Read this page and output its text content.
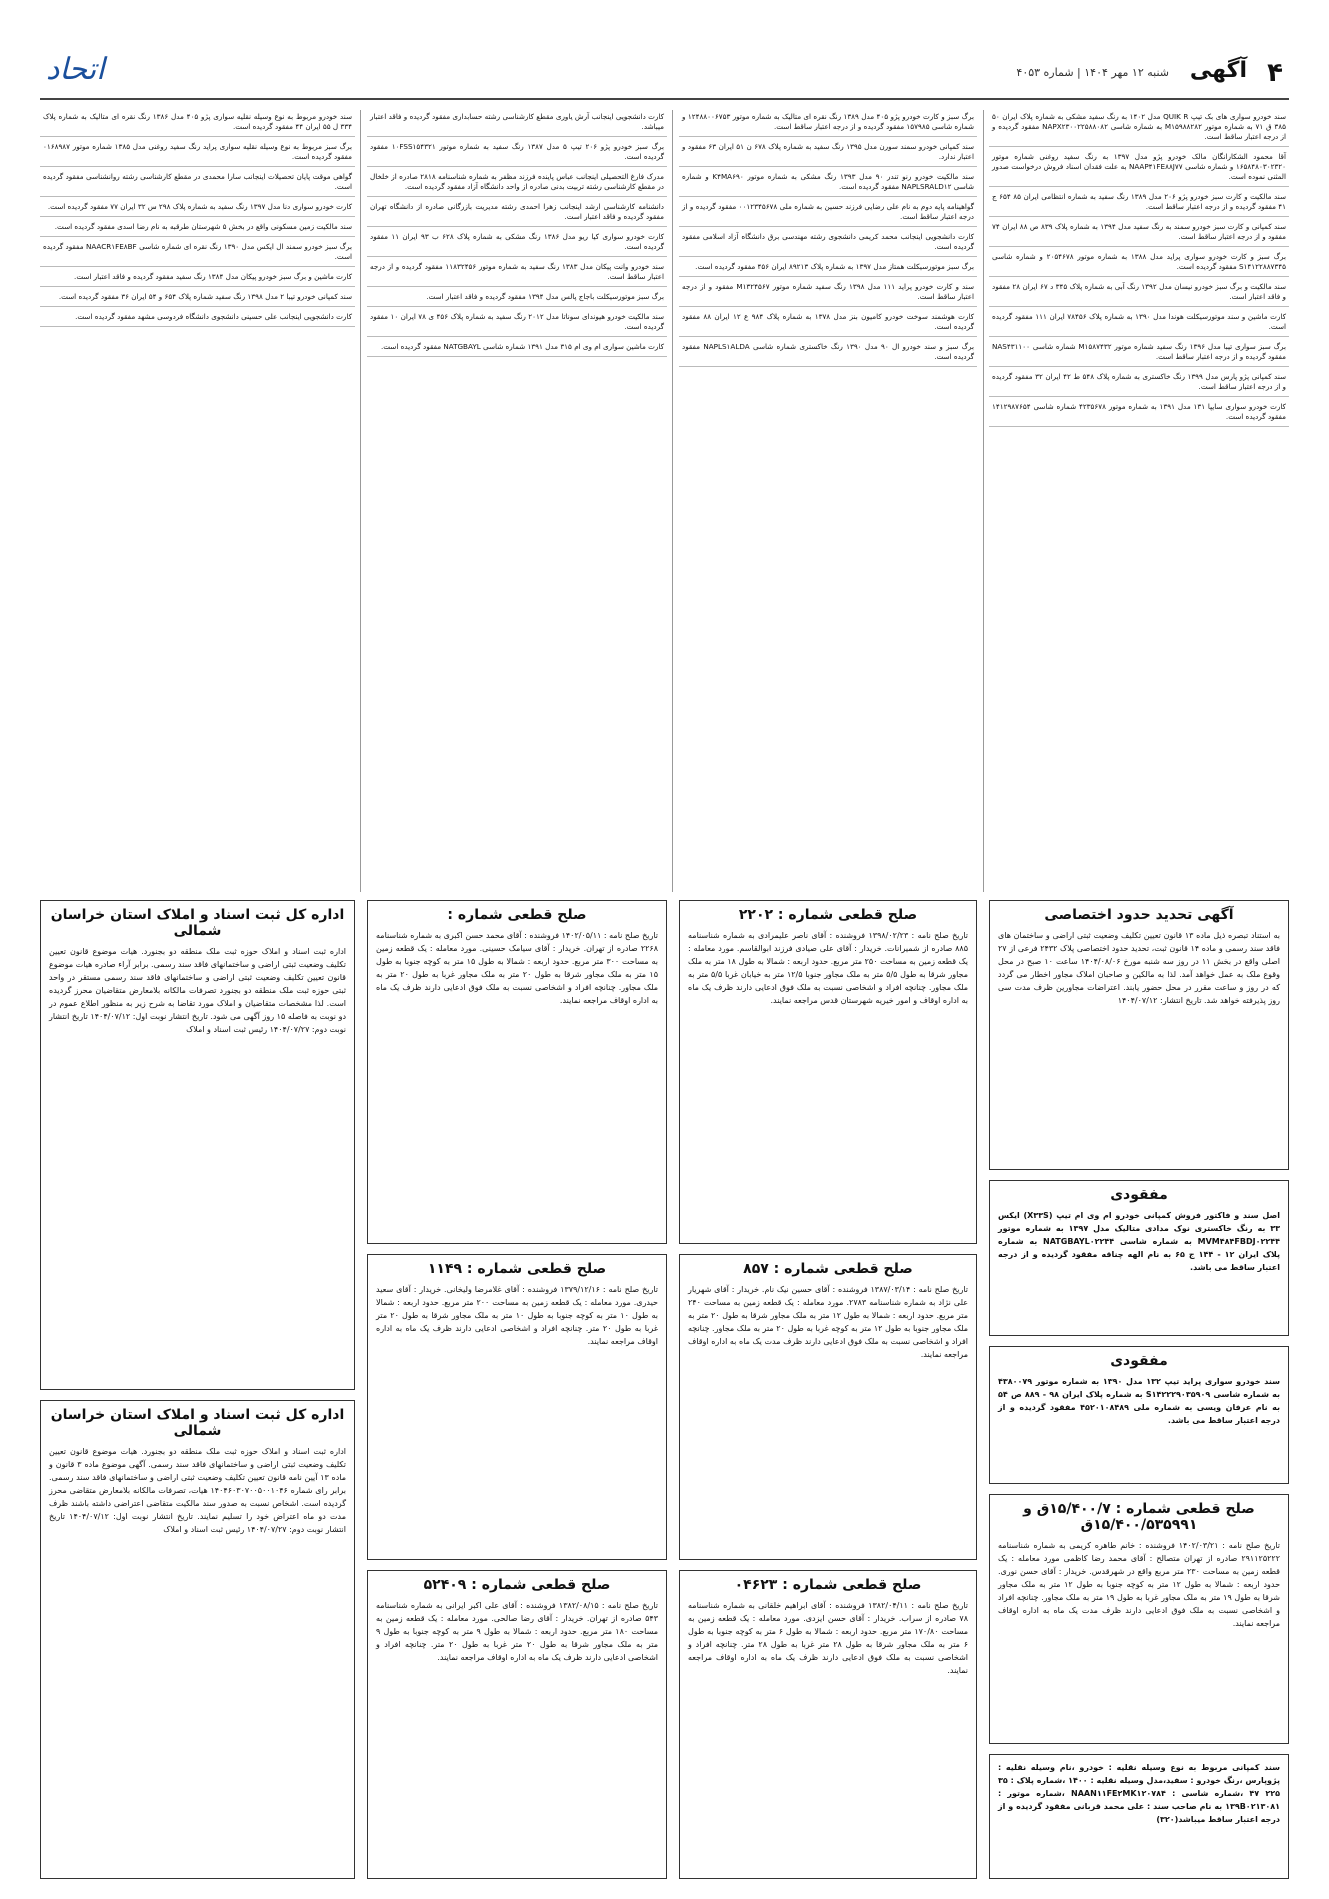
۴
آگهی
شنبه ۱۲ مهر ۱۴۰۴ | شماره ۴۰۵۳
اتحاد

سند خودرو سواری های بک تیپ QUIK R مدل ۱۴۰۲ به رنگ سفید مشکی به شماره پلاک ایران ۵۰ ۳۸۵ ق ۷۱ به شماره موتور M۱۵۹۸۸۲۸۲ به شماره شاسی NAPX۲۳۰۰۲۲۵۸۸۰۸۲ مفقود گردیده و از درجه اعتبار ساقط است.

آقا محمود الشکارانگان مالک خودرو پژو مدل ۱۳۹۷ به رنگ سفید روغنی شماره موتور ۱۶۵۸۴۸۰۳۰۲۳۲۰ و شماره شاسی NAAP۴۱FE۸۸J۷۷ به علت فقدان اسناد فروش درخواست صدور المثنی نموده است.

سند مالکیت و کارت سبز خودرو پژو ۲۰۶ مدل ۱۳۸۹ رنگ سفید به شماره انتظامی ایران ۸۵ ۶۵۴ ج ۴۱ مفقود گردیده و از درجه اعتبار ساقط است.

سند کمپانی و کارت سبز خودرو سمند به رنگ سفید مدل ۱۳۹۴ به شماره پلاک ۸۳۹ ص ۸۸ ایران ۷۴ مفقود و از درجه اعتبار ساقط است.

برگ سبز و کارت خودرو سواری پراید مدل ۱۳۸۸ به شماره موتور ۲۰۵۴۶۷۸ و شماره شاسی S۱۴۱۲۲۸۸۷۳۴۵ مفقود گردیده است.

سند مالکیت و برگ سبز خودرو نیسان مدل ۱۳۹۲ رنگ آبی به شماره پلاک ۳۴۵ د ۶۷ ایران ۲۸ مفقود و فاقد اعتبار است.

کارت ماشین و سند موتورسیکلت هوندا مدل ۱۳۹۰ به شماره پلاک ۷۸۴۵۶ ایران ۱۱۱ مفقود گردیده است.

برگ سبز سواری تیبا مدل ۱۳۹۶ رنگ سفید شماره موتور M۱۵۸۷۴۳۲ شماره شاسی NAS۴۳۱۱۰۰ مفقود گردیده و از درجه اعتبار ساقط است.

سند کمپانی پژو پارس مدل ۱۳۹۹ رنگ خاکستری به شماره پلاک ۵۴۸ ط ۴۲ ایران ۳۲ مفقود گردیده و از درجه اعتبار ساقط است.

کارت خودرو سواری سایپا ۱۳۱ مدل ۱۳۹۱ به شماره موتور ۴۲۳۵۶۷۸ شماره شاسی ۱۴۱۲۹۸۷۶۵۴ مفقود گردیده است.

برگ سبز و کارت خودرو پژو ۴۰۵ مدل ۱۳۸۹ رنگ نقره ای متالیک به شماره موتور ۱۲۴۸۸۰۰۶۷۵۳ و شماره شاسی ۱۵۷۹۸۵ مفقود گردیده و از درجه اعتبار ساقط است.

سند کمپانی خودرو سمند سورن مدل ۱۳۹۵ رنگ سفید به شماره پلاک ۶۷۸ ن ۵۱ ایران ۶۳ مفقود و اعتبار ندارد.

سند مالکیت خودرو رنو تندر ۹۰ مدل ۱۳۹۳ رنگ مشکی به شماره موتور K۴MA۶۹۰ و شماره شاسی NAPLSRALD۱۲ مفقود گردیده است.

گواهینامه پایه دوم به نام علی رضایی فرزند حسین به شماره ملی ۰۰۱۲۳۴۵۶۷۸ مفقود گردیده و از درجه اعتبار ساقط است.

کارت دانشجویی اینجانب محمد کریمی دانشجوی رشته مهندسی برق دانشگاه آزاد اسلامی مفقود گردیده است.

برگ سبز موتورسیکلت همتاز مدل ۱۳۹۷ به شماره پلاک ۸۹۲۱۳ ایران ۴۵۶ مفقود گردیده است.

سند و کارت خودرو پراید ۱۱۱ مدل ۱۳۹۸ رنگ سفید شماره موتور M۱۳۲۴۵۶۷ مفقود و از درجه اعتبار ساقط است.

کارت هوشمند سوخت خودرو کامیون بنز مدل ۱۳۷۸ به شماره پلاک ۹۸۴ ع ۱۲ ایران ۸۸ مفقود گردیده است.

برگ سبز و سند خودرو ال ۹۰ مدل ۱۳۹۰ رنگ خاکستری شماره شاسی NAPLS۱ALDA مفقود گردیده است.

کارت دانشجویی اینجانب آرش یاوری مقطع کارشناسی رشته حسابداری مفقود گردیده و فاقد اعتبار میباشد.

برگ سبز خودرو پژو ۲۰۶ تیپ ۵ مدل ۱۳۸۷ رنگ سفید به شماره موتور ۱۰FSS۱۵۴۳۲۱ مفقود گردیده است.

مدرک فارغ التحصیلی اینجانب عباس پاینده فرزند مظفر به شماره شناسنامه ۲۸۱۸ صادره از خلخال در مقطع کارشناسی رشته تربیت بدنی صادره از واحد دانشگاه آزاد مفقود گردیده است.

دانشنامه کارشناسی ارشد اینجانب زهرا احمدی رشته مدیریت بازرگانی صادره از دانشگاه تهران مفقود گردیده و فاقد اعتبار است.

کارت خودرو سواری کیا ریو مدل ۱۳۸۶ رنگ مشکی به شماره پلاک ۶۲۸ ب ۹۳ ایران ۱۱ مفقود گردیده است.

سند خودرو وانت پیکان مدل ۱۳۸۳ رنگ سفید به شماره موتور ۱۱۸۳۲۴۵۶ مفقود گردیده و از درجه اعتبار ساقط است.

برگ سبز موتورسیکلت باجاج پالس مدل ۱۳۹۴ مفقود گردیده و فاقد اعتبار است.

سند مالکیت خودرو هیوندای سوناتا مدل ۲۰۱۲ رنگ سفید به شماره پلاک ۴۵۶ ی ۷۸ ایران ۱۰ مفقود گردیده است.

کارت ماشین سواری ام وی ام ۳۱۵ مدل ۱۳۹۱ شماره شاسی NATGBAYL مفقود گردیده است.

سند خودرو مربوط به نوع وسیله نقلیه سواری پژو ۴۰۵ مدل ۱۳۸۶ رنگ نقره ای متالیک به شماره پلاک ۳۳۴ ل ۵۵ ایران ۴۴ مفقود گردیده است.

برگ سبز مربوط به نوع وسیله نقلیه سواری پراید رنگ سفید روغنی مدل ۱۳۸۵ شماره موتور ۰۱۶۸۹۸۷ مفقود گردیده است.

گواهی موقت پایان تحصیلات اینجانب سارا محمدی در مقطع کارشناسی رشته روانشناسی مفقود گردیده است.

کارت خودرو سواری دنا مدل ۱۳۹۷ رنگ سفید به شماره پلاک ۲۹۸ س ۳۲ ایران ۷۷ مفقود گردیده است.

سند مالکیت زمین مسکونی واقع در بخش ۵ شهرستان طرقبه به نام رضا اسدی مفقود گردیده است.

برگ سبز خودرو سمند ال ایکس مدل ۱۳۹۰ رنگ نقره ای شماره شاسی NAACR۱FE۸BF مفقود گردیده است.

کارت ماشین و برگ سبز خودرو پیکان مدل ۱۳۸۴ رنگ سفید مفقود گردیده و فاقد اعتبار است.

سند کمپانی خودرو تیبا ۲ مدل ۱۳۹۸ رنگ سفید شماره پلاک ۶۵۴ و ۵۴ ایران ۳۶ مفقود گردیده است.

کارت دانشجویی اینجانب علی حسینی دانشجوی دانشگاه فردوسی مشهد مفقود گردیده است.

آگهی تحدید حدود اختصاصی
به استناد تبصره ذیل ماده ۱۳ قانون تعیین تکلیف وضعیت ثبتی اراضی و ساختمان های فاقد سند رسمی و ماده ۱۴ قانون ثبت، تحدید حدود اختصاصی پلاک ۲۴۳۲ فرعی از ۲۷ اصلی واقع در بخش ۱۱ در روز سه شنبه مورخ ۱۴۰۴/۰۸/۰۶ ساعت ۱۰ صبح در محل وقوع ملک به عمل خواهد آمد. لذا به مالکین و صاحبان املاک مجاور اخطار می گردد که در روز و ساعت مقرر در محل حضور یابند. اعتراضات مجاورین ظرف مدت سی روز پذیرفته خواهد شد. تاریخ انتشار: ۱۴۰۴/۰۷/۱۲
مفقودی
اصل سند و فاکتور فروش کمپانی خودرو ام وی ام تیپ (X۳۳S) ایکس ۳۳ به رنگ خاکستری نوک مدادی متالیک مدل ۱۳۹۷ به شماره موتور MVM۴۸۴FBDJ۰۲۲۴۴ به شماره شاسی NATGBAYL۰۲۲۴۴ به شماره پلاک ایران ۱۲ - ۱۴۴ ج ۶۵ به نام الهه چناقه مفقود گردیده و از درجه اعتبار ساقط می باشد.
مفقودی
سند خودرو سواری پراید تیپ ۱۳۲ مدل ۱۳۹۰ به شماره موتور ۴۳۸۰۰۷۹ به شماره شاسی S۱۴۲۲۲۹۰۳۵۹۰۹ به شماره پلاک ایران ۹۸ - ۸۸۹ ص ۵۴ به نام عرفان ویسی به شماره ملی ۴۵۲۰۱۰۸۴۸۹ مفقود گردیده و از درجه اعتبار ساقط می باشد.
صلح قطعی شماره : ۱۵/۴۰۰/۷ق و ۱۵/۴۰۰/۵۳۵۹۹۱ق
تاریخ صلح نامه : ۱۴۰۲/۰۳/۲۱ فروشنده : خانم طاهره کریمی به شماره شناسنامه ۲۹۱۱۲۵۲۲۲ صادره از تهران متصالح : آقای محمد رضا کاظمی مورد معامله : یک قطعه زمین به مساحت ۲۳۰ متر مربع واقع در شهرقدس. خریدار : آقای حسن نوری. حدود اربعه : شمالا به طول ۱۲ متر به کوچه جنوبا به طول ۱۲ متر به ملک مجاور شرقا به طول ۱۹ متر به ملک مجاور غربا به طول ۱۹ متر به ملک مجاور. چنانچه افراد و اشخاصی نسبت به ملک فوق ادعایی دارند ظرف مدت یک ماه به اداره اوقاف مراجعه نمایند.
سند کمپانی مربوط به نوع وسیله نقلیه : خودرو ،نام وسیله نقلیه : پژوپارس ،رنگ خودرو : سفید،مدل وسیله نقلیه : ۱۴۰۰ ،شماره پلاک : ۳۵ ۲۲۵ ۴۷ ،شماره شاسی : NAAN۱۱FE۲MK۱۲۰۷۸۴ ،شماره موتور : ۱۳۹B۰۲۱۳۰۸۱ به نام صاحب سند : علی محمد قربانی مفقود گردیده و از درجه اعتبار ساقط میباشد(۳۲۰)
صلح قطعی شماره : ۲۲۰۲
تاریخ صلح نامه : ۱۳۹۸/۰۲/۲۳ فروشنده : آقای ناصر علیمرادی به شماره شناسنامه ۸۸۵ صادره از شمیرانات. خریدار : آقای علی صیادی فرزند ابوالقاسم. مورد معامله : یک قطعه زمین به مساحت ۲۵۰ متر مربع. حدود اربعه : شمالا به طول ۱۸ متر به ملک مجاور شرقا به طول ۵/۵ متر به ملک مجاور جنوبا ۱۲/۵ متر به خیابان غربا ۵/۵ متر به ملک مجاور. چنانچه افراد و اشخاصی نسبت به ملک فوق ادعایی دارند ظرف یک ماه به اداره اوقاف و امور خیریه شهرستان قدس مراجعه نمایند.
صلح قطعی شماره : ۸۵۷
تاریخ صلح نامه : ۱۳۸۷/۰۳/۱۴ فروشنده : آقای حسین نیک نام. خریدار : آقای شهریار علی نژاد به شماره شناسنامه ۲۷۸۳. مورد معامله : یک قطعه زمین به مساحت ۲۴۰ متر مربع. حدود اربعه : شمالا به طول ۱۲ متر به ملک مجاور شرقا به طول ۲۰ متر به ملک مجاور جنوبا به طول ۱۲ متر به کوچه غربا به طول ۲۰ متر به ملک مجاور. چنانچه افراد و اشخاصی نسبت به ملک فوق ادعایی دارند ظرف مدت یک ماه به اداره اوقاف مراجعه نمایند.
صلح قطعی شماره : ۰۴۶۲۳
تاریخ صلح نامه : ۱۳۸۲/۰۴/۱۱ فروشنده : آقای ابراهیم خلقانی به شماره شناسنامه ۷۸ صادره از سراب. خریدار : آقای حسن ایزدی. مورد معامله : یک قطعه زمین به مساحت ۱۷۰/۸۰ متر مربع. حدود اربعه : شمالا به طول ۶ متر به کوچه جنوبا به طول ۶ متر به ملک مجاور شرقا به طول ۲۸ متر غربا به طول ۲۸ متر. چنانچه افراد و اشخاصی نسبت به ملک فوق ادعایی دارند ظرف یک ماه به اداره اوقاف مراجعه نمایند.
صلح قطعی شماره :
تاریخ صلح نامه : ۱۴۰۲/۰۵/۱۱ فروشنده : آقای محمد حسن اکبری به شماره شناسنامه ۲۲۶۸ صادره از تهران. خریدار : آقای سیامک حسینی. مورد معامله : یک قطعه زمین به مساحت ۳۰۰ متر مربع. حدود اربعه : شمالا به طول ۱۵ متر به کوچه جنوبا به طول ۱۵ متر به ملک مجاور شرقا به طول ۲۰ متر به ملک مجاور غربا به طول ۲۰ متر به ملک مجاور. چنانچه افراد و اشخاصی نسبت به ملک فوق ادعایی دارند ظرف یک ماه به اداره اوقاف مراجعه نمایند.
صلح قطعی شماره : ۱۱۴۹
تاریخ صلح نامه : ۱۳۷۹/۱۲/۱۶ فروشنده : آقای غلامرضا ولیخانی. خریدار : آقای سعید حیدری. مورد معامله : یک قطعه زمین به مساحت ۲۰۰ متر مربع. حدود اربعه : شمالا به طول ۱۰ متر به کوچه جنوبا به طول ۱۰ متر به ملک مجاور شرقا به طول ۲۰ متر غربا به طول ۲۰ متر. چنانچه افراد و اشخاصی ادعایی دارند ظرف یک ماه به اداره اوقاف مراجعه نمایند.
صلح قطعی شماره : ۵۲۴۰۹
تاریخ صلح نامه : ۱۳۸۲/۰۸/۱۵ فروشنده : آقای علی اکبر ایرانی به شماره شناسنامه ۵۴۳ صادره از تهران. خریدار : آقای رضا صالحی. مورد معامله : یک قطعه زمین به مساحت ۱۸۰ متر مربع. حدود اربعه : شمالا به طول ۹ متر به کوچه جنوبا به طول ۹ متر به ملک مجاور شرقا به طول ۲۰ متر غربا به طول ۲۰ متر. چنانچه افراد و اشخاصی ادعایی دارند ظرف یک ماه به اداره اوقاف مراجعه نمایند.
اداره کل ثبت اسناد و املاک استان خراسان شمالی
اداره ثبت اسناد و املاک حوزه ثبت ملک منطقه دو بجنورد. هیات موضوع قانون تعیین تکلیف وضعیت ثبتی اراضی و ساختمانهای فاقد سند رسمی. برابر آراء صادره هیات موضوع قانون تعیین تکلیف وضعیت ثبتی اراضی و ساختمانهای فاقد سند رسمی مستقر در واحد ثبتی حوزه ثبت ملک منطقه دو بجنورد تصرفات مالکانه بلامعارض متقاضیان محرز گردیده است. لذا مشخصات متقاضیان و املاک مورد تقاضا به شرح زیر به منظور اطلاع عموم در دو نوبت به فاصله ۱۵ روز آگهی می شود. تاریخ انتشار نوبت اول: ۱۴۰۴/۰۷/۱۲ تاریخ انتشار نوبت دوم: ۱۴۰۴/۰۷/۲۷ رئیس ثبت اسناد و املاک
اداره کل ثبت اسناد و املاک استان خراسان شمالی
اداره ثبت اسناد و املاک حوزه ثبت ملک منطقه دو بجنورد. هیات موضوع قانون تعیین تکلیف وضعیت ثبتی اراضی و ساختمانهای فاقد سند رسمی. آگهی موضوع ماده ۳ قانون و ماده ۱۳ آیین نامه قانون تعیین تکلیف وضعیت ثبتی اراضی و ساختمانهای فاقد سند رسمی. برابر رای شماره ۱۴۰۴۶۰۳۰۷۰۰۵۰۰۱۰۴۶ هیات، تصرفات مالکانه بلامعارض متقاضی محرز گردیده است. اشخاص نسبت به صدور سند مالکیت متقاضی اعتراضی داشته باشند ظرف مدت دو ماه اعتراض خود را تسلیم نمایند. تاریخ انتشار نوبت اول: ۱۴۰۴/۰۷/۱۲ تاریخ انتشار نوبت دوم: ۱۴۰۴/۰۷/۲۷ رئیس ثبت اسناد و املاک
